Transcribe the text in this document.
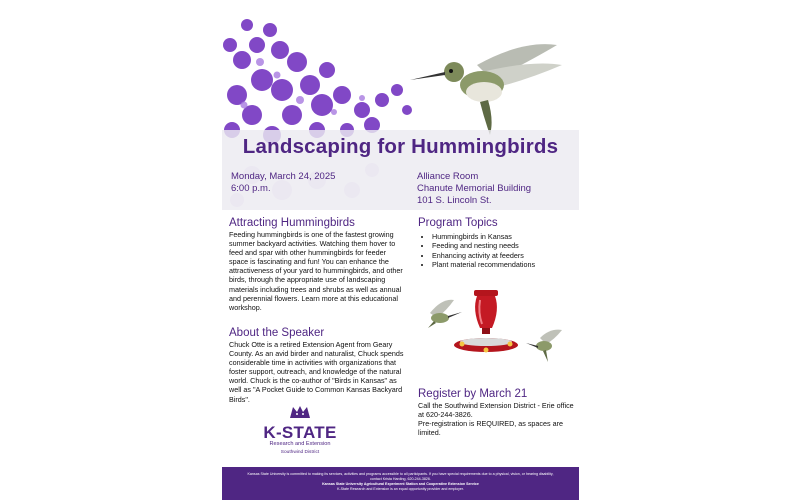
Landscaping for Hummingbirds
Monday, March 24, 2025
6:00 p.m.
Alliance Room
Chanute Memorial Building
101 S. Lincoln St.
Attracting Hummingbirds
Feeding hummingbirds is one of the fastest growing summer backyard activities. Watching them hover to feed and spar with other hummingbirds for feeder space is fascinating and fun! You can enhance the attractiveness of your yard to hummingbirds, and other birds, through the appropriate use of landscaping materials including trees and shrubs as well as annual and perennial flowers. Learn more at this educational workshop.
About the Speaker
Chuck Otte is a retired Extension Agent from Geary County. As an avid birder and naturalist, Chuck spends considerable time in activities with organizations that foster support, outreach, and knowledge of the natural world. Chuck is the co-author of "Birds in Kansas" as well as "A Pocket Guide to Common Kansas Backyard Birds".
Program Topics
• Hummingbirds in Kansas
• Feeding and nesting needs
• Enhancing activity at feeders
• Plant material recommendations
Register by March 21
Call the Southwind Extension District - Erie office at 620-244-3826.
Pre-registration is REQUIRED, as spaces are limited.
K-STATE
Research and Extension
Southwind District
Kansas State University is committed to making its services, activities and programs accessible to all participants. If you have special requirements due to a physical, vision, or hearing disability,
contact Krista Harding, 620-244-3826.
Kansas State University Agricultural Experiment Station and Cooperative Extension Service
K-State Research and Extension is an equal opportunity provider and employer.
